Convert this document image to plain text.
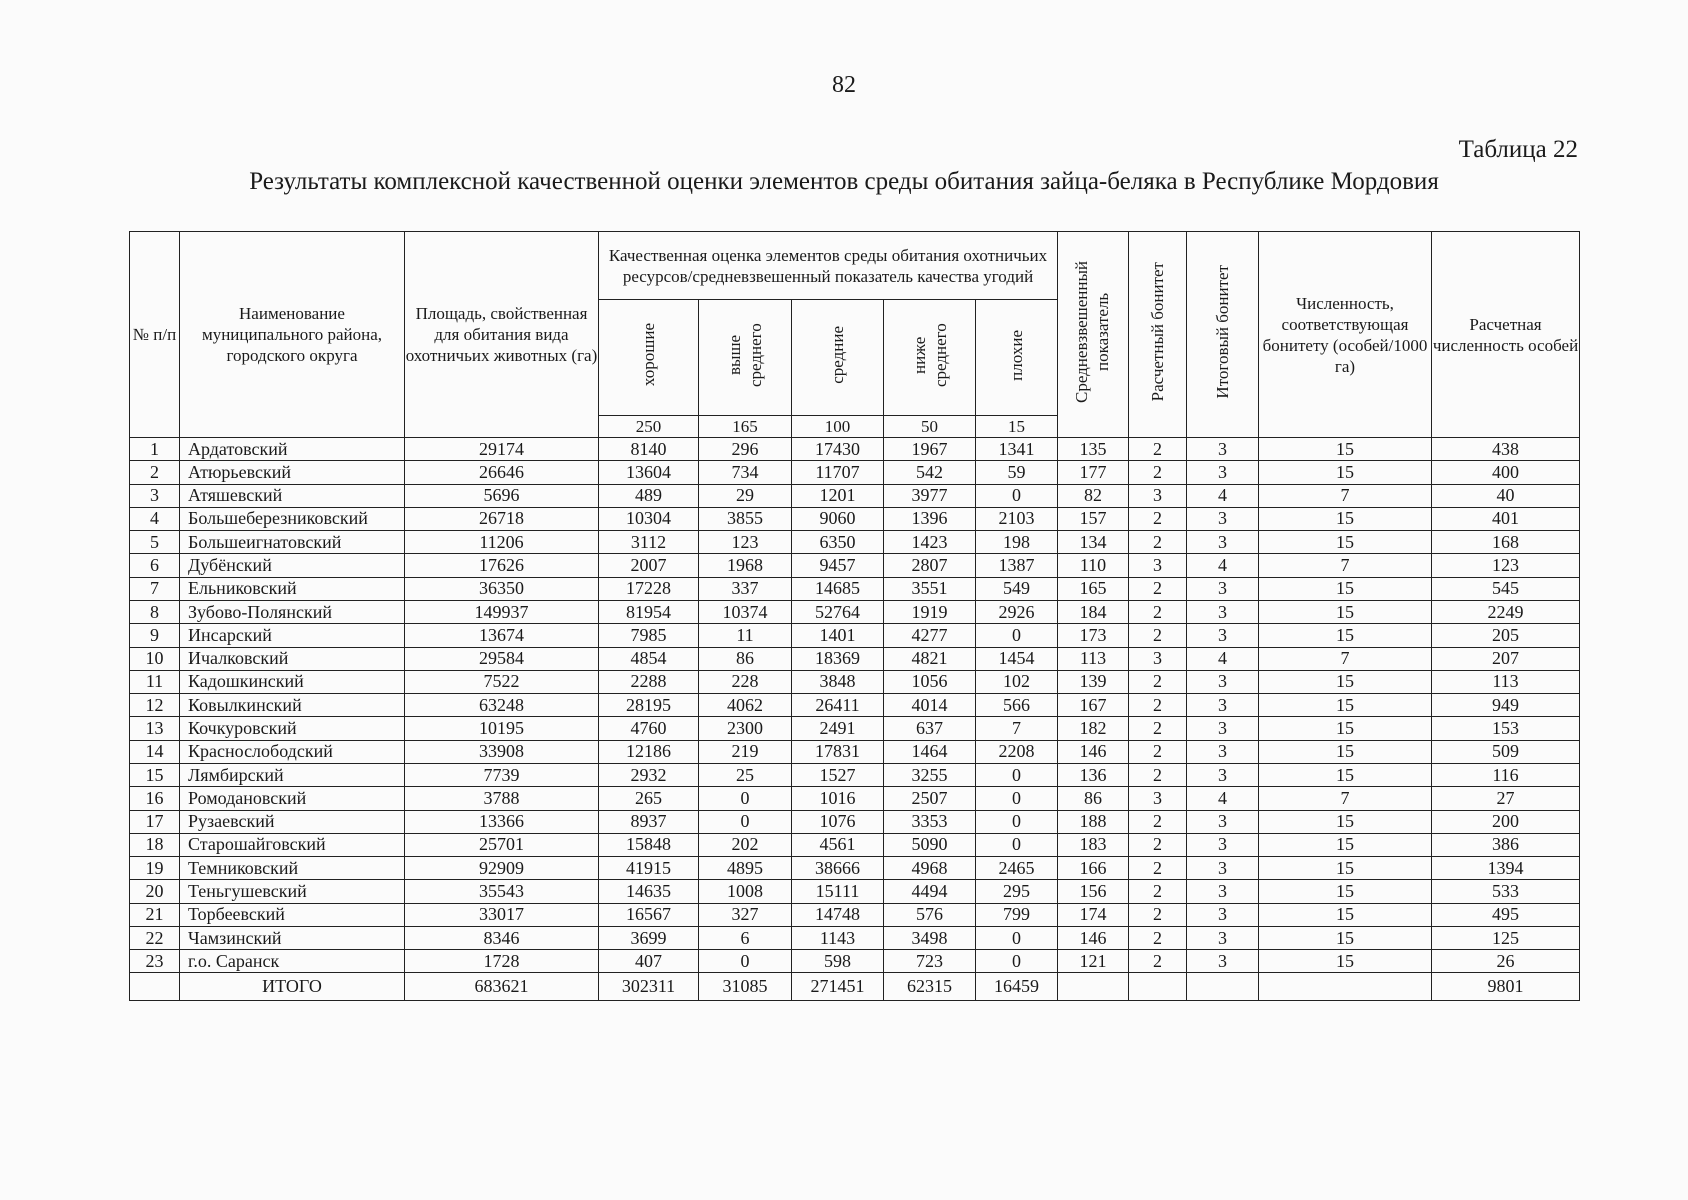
82
Таблица 22
Результаты комплексной качественной оценки элементов среды обитания зайца-беляка в Республике Мордовия
№ п/п	Наименование муниципального района, городского округа	Площадь, свойственная для обитания вида охотничьих животных (га)	Качественная оценка элементов среды обитания охотничьих ресурсов/средневзвешенный показатель качества угодий					Средневзвешенный показатель	Расчетный бонитет	Итоговый бонитет	Численность, соответствующая бонитету (особей/1000 га)	Расчетная численность особей
			хорошие	выше среднего	средние	ниже среднего	плохие					
			250	165	100	50	15					
1	Ардатовский	29174	8140	296	17430	1967	1341	135	2	3	15	438
2	Атюрьевский	26646	13604	734	11707	542	59	177	2	3	15	400
3	Атяшевский	5696	489	29	1201	3977	0	82	3	4	7	40
4	Большеберезниковский	26718	10304	3855	9060	1396	2103	157	2	3	15	401
5	Большеигнатовский	11206	3112	123	6350	1423	198	134	2	3	15	168
6	Дубёнский	17626	2007	1968	9457	2807	1387	110	3	4	7	123
7	Ельниковский	36350	17228	337	14685	3551	549	165	2	3	15	545
8	Зубово-Полянский	149937	81954	10374	52764	1919	2926	184	2	3	15	2249
9	Инсарский	13674	7985	11	1401	4277	0	173	2	3	15	205
10	Ичалковский	29584	4854	86	18369	4821	1454	113	3	4	7	207
11	Кадошкинский	7522	2288	228	3848	1056	102	139	2	3	15	113
12	Ковылкинский	63248	28195	4062	26411	4014	566	167	2	3	15	949
13	Кочкуровский	10195	4760	2300	2491	637	7	182	2	3	15	153
14	Краснослободский	33908	12186	219	17831	1464	2208	146	2	3	15	509
15	Лямбирский	7739	2932	25	1527	3255	0	136	2	3	15	116
16	Ромодановский	3788	265	0	1016	2507	0	86	3	4	7	27
17	Рузаевский	13366	8937	0	1076	3353	0	188	2	3	15	200
18	Старошайговский	25701	15848	202	4561	5090	0	183	2	3	15	386
19	Темниковский	92909	41915	4895	38666	4968	2465	166	2	3	15	1394
20	Теньгушевский	35543	14635	1008	15111	4494	295	156	2	3	15	533
21	Торбеевский	33017	16567	327	14748	576	799	174	2	3	15	495
22	Чамзинский	8346	3699	6	1143	3498	0	146	2	3	15	125
23	г.о. Саранск	1728	407	0	598	723	0	121	2	3	15	26
	ИТОГО	683621	302311	31085	271451	62315	16459					9801
